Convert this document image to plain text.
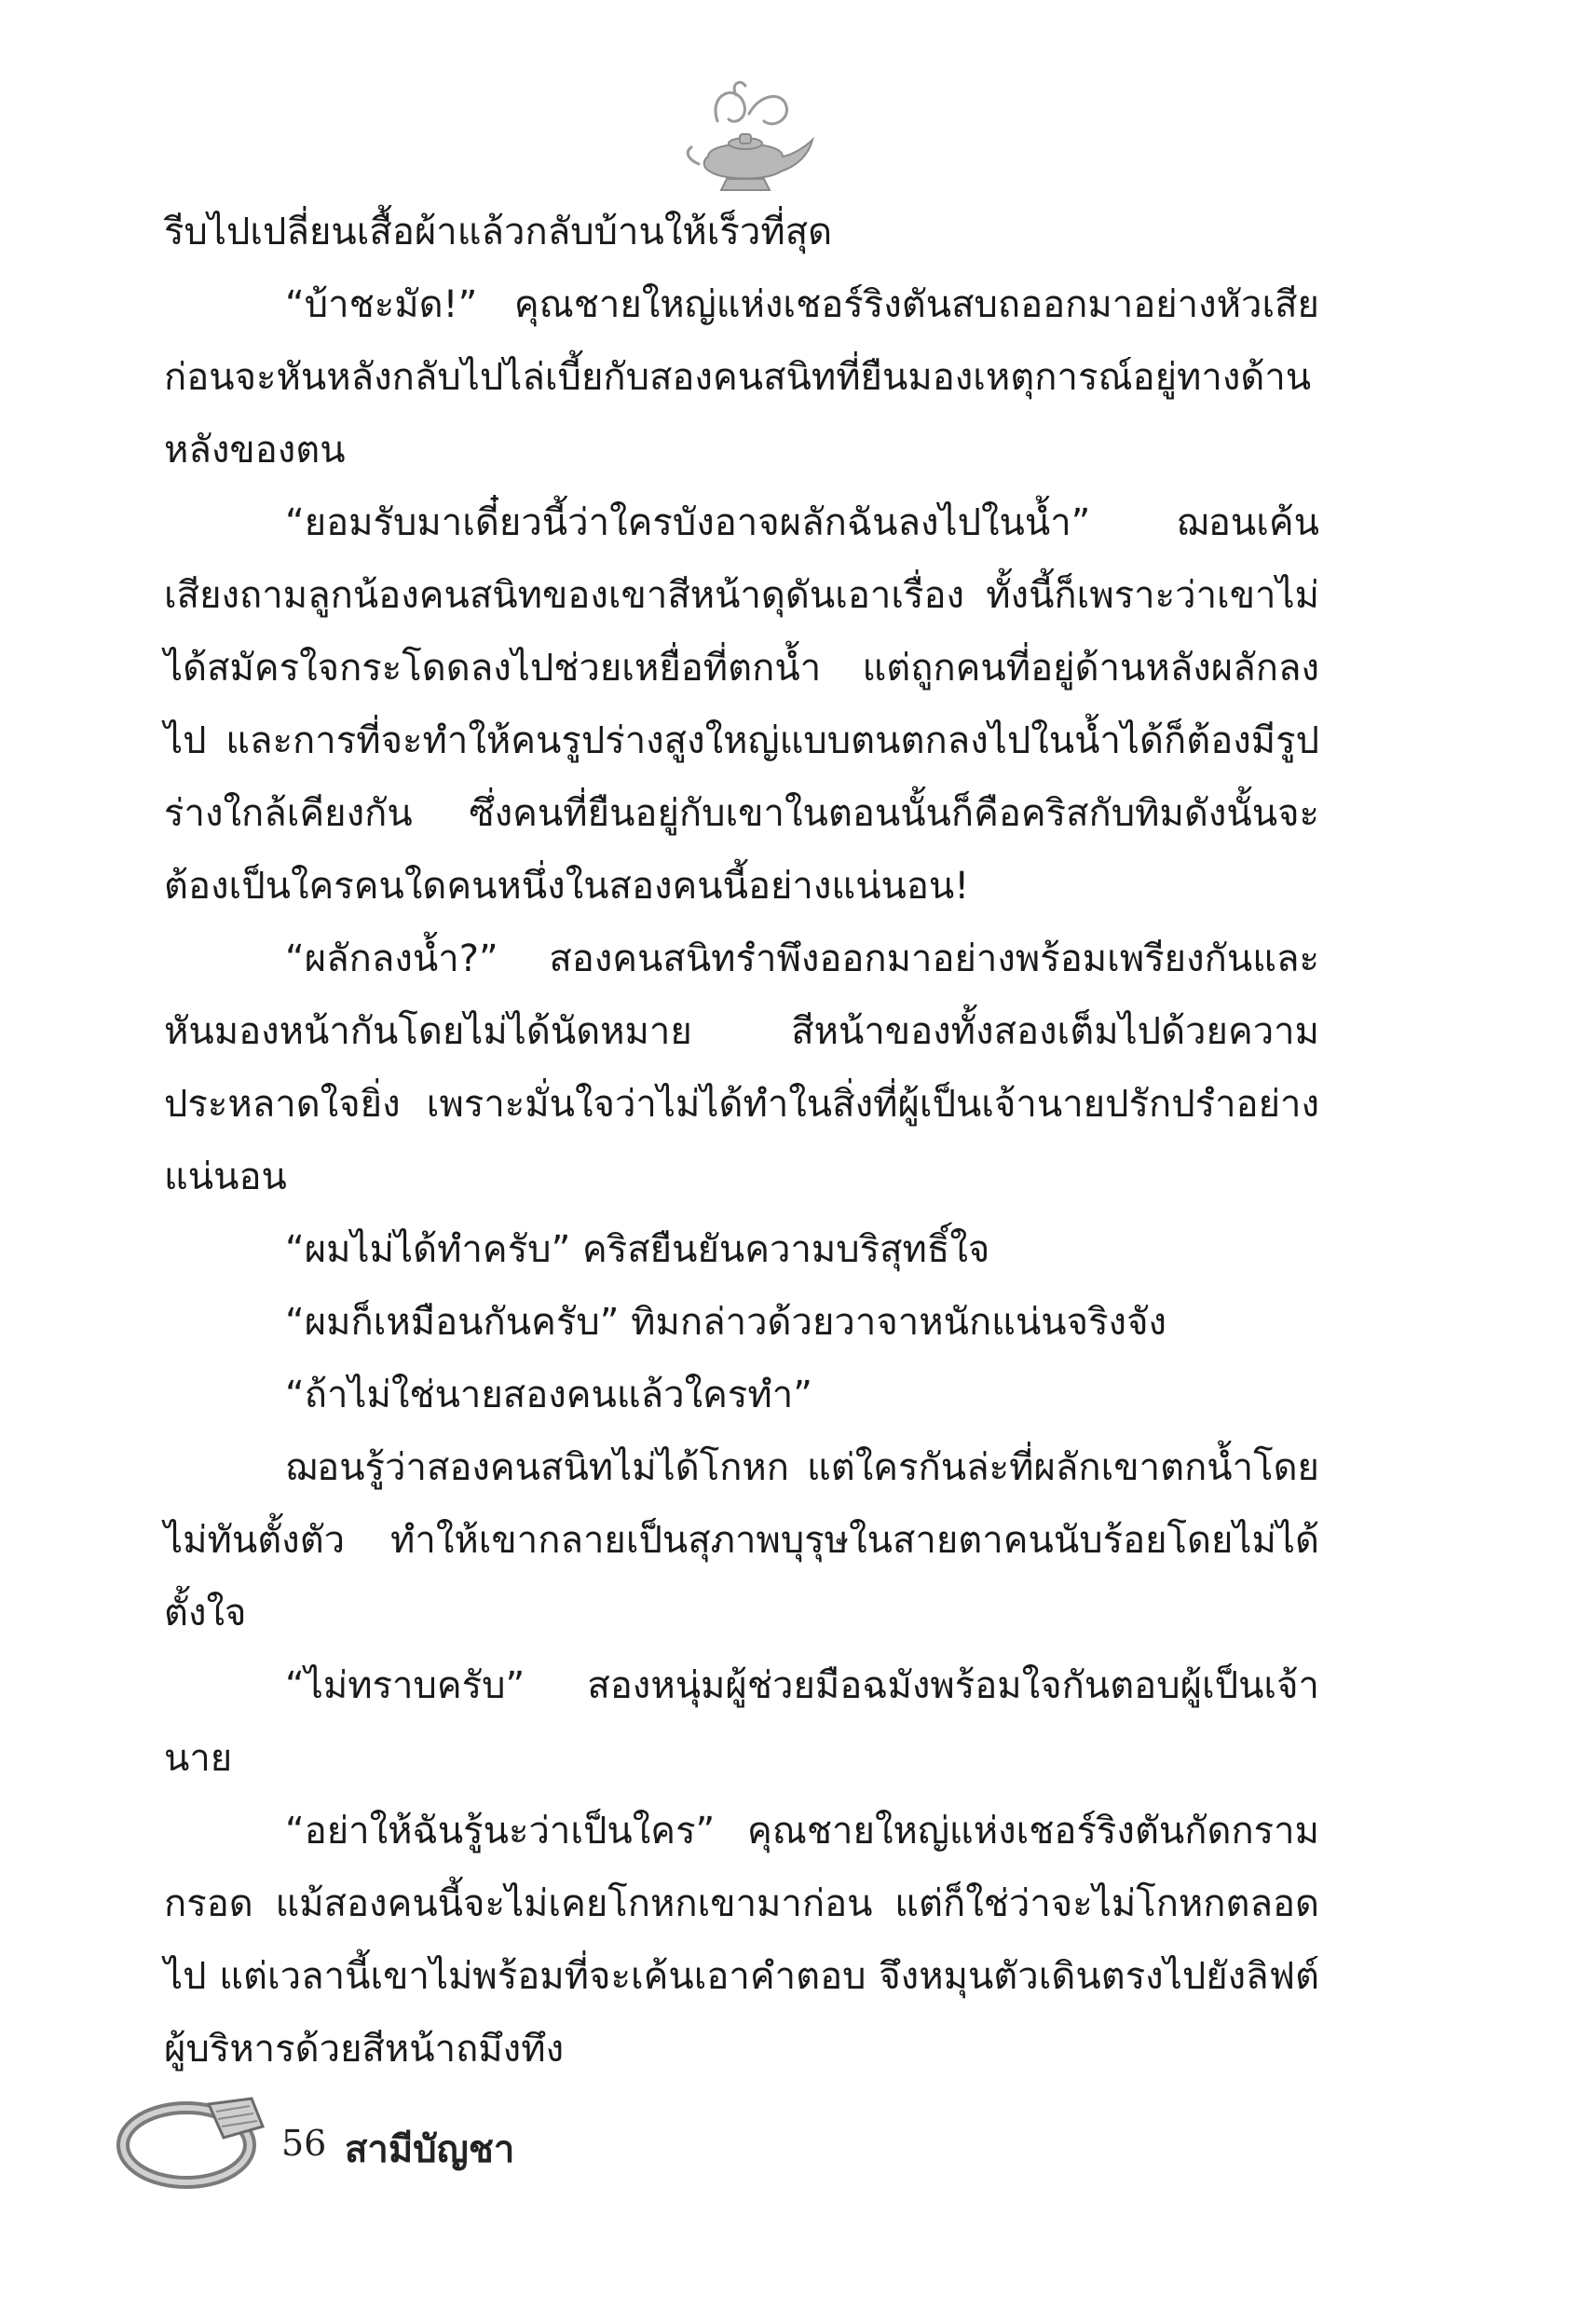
รีบไปเปลี่ยนเสื้อผ้าแล้วกลับบ้านให้เร็วที่สุด

“บ้าชะมัด!” คุณชายใหญ่แห่งเชอร์ริงตันสบถออกมาอย่างหัวเสีย ก่อนจะหันหลังกลับไปไล่เบี้ยกับสองคนสนิทที่ยืนมองเหตุการณ์อยู่ทางด้านหลังของตน

“ยอมรับมาเดี๋ยวนี้ว่าใครบังอาจผลักฉันลงไปในน้ำ” ฌอนเค้นเสียงถามลูกน้องคนสนิทของเขาสีหน้าดุดันเอาเรื่อง ทั้งนี้ก็เพราะว่าเขาไม่ได้สมัครใจกระโดดลงไปช่วยเหยื่อที่ตกน้ำ แต่ถูกคนที่อยู่ด้านหลังผลักลงไป และการที่จะทำให้คนรูปร่างสูงใหญ่แบบตนตกลงไปในน้ำได้ก็ต้องมีรูปร่างใกล้เคียงกัน ซึ่งคนที่ยืนอยู่กับเขาในตอนนั้นก็คือคริสกับทิมดังนั้นจะต้องเป็นใครคนใดคนหนึ่งในสองคนนี้อย่างแน่นอน!

“ผลักลงน้ำ?” สองคนสนิทรำพึงออกมาอย่างพร้อมเพรียงกันและหันมองหน้ากันโดยไม่ได้นัดหมาย สีหน้าของทั้งสองเต็มไปด้วยความประหลาดใจยิ่ง เพราะมั่นใจว่าไม่ได้ทำในสิ่งที่ผู้เป็นเจ้านายปรักปรำอย่างแน่นอน

“ผมไม่ได้ทำครับ” คริสยืนยันความบริสุทธิ์ใจ

“ผมก็เหมือนกันครับ” ทิมกล่าวด้วยวาจาหนักแน่นจริงจัง

“ถ้าไม่ใช่นายสองคนแล้วใครทำ”

ฌอนรู้ว่าสองคนสนิทไม่ได้โกหก แต่ใครกันล่ะที่ผลักเขาตกน้ำโดยไม่ทันตั้งตัว ทำให้เขากลายเป็นสุภาพบุรุษในสายตาคนนับร้อยโดยไม่ได้ตั้งใจ

“ไม่ทราบครับ” สองหนุ่มผู้ช่วยมือฉมังพร้อมใจกันตอบผู้เป็นเจ้านาย

“อย่าให้ฉันรู้นะว่าเป็นใคร” คุณชายใหญ่แห่งเชอร์ริงตันกัดกรามกรอด แม้สองคนนี้จะไม่เคยโกหกเขามาก่อน แต่ก็ใช่ว่าจะไม่โกหกตลอดไป แต่เวลานี้เขาไม่พร้อมที่จะเค้นเอาคำตอบ จึงหมุนตัวเดินตรงไปยังลิฟต์ผู้บริหารด้วยสีหน้าถมึงทึง

56 สามีบัญชา
